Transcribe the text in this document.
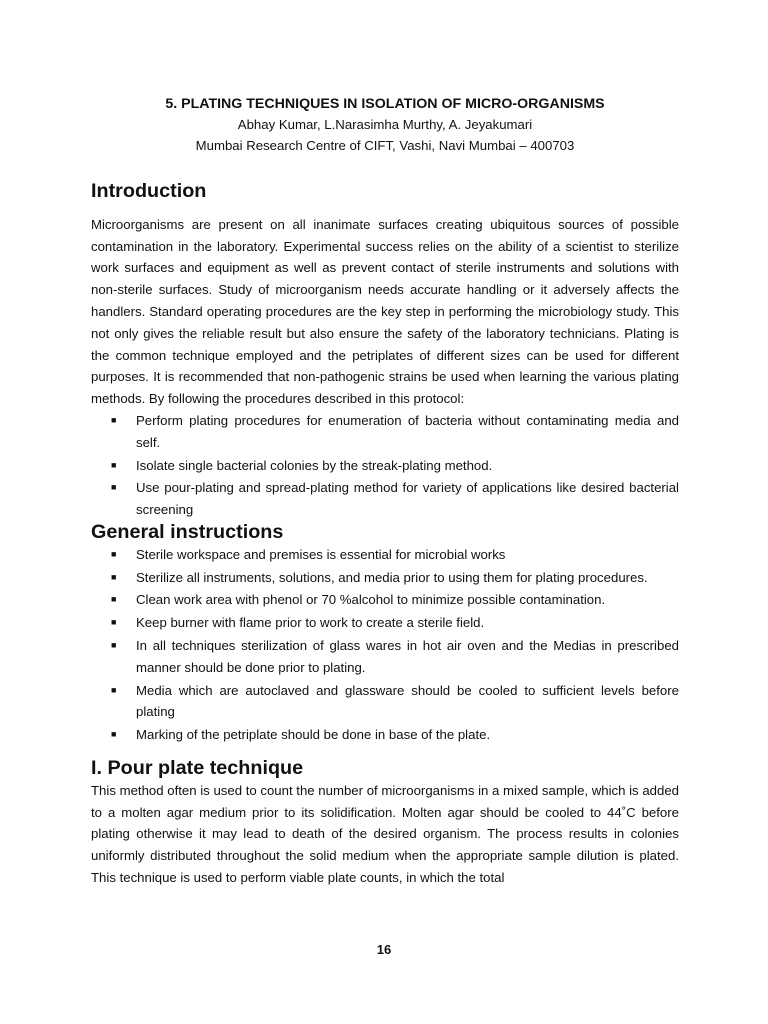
5. PLATING TECHNIQUES IN ISOLATION OF MICRO-ORGANISMS

Abhay Kumar, L.Narasimha Murthy, A. Jeyakumari

Mumbai Research Centre of CIFT, Vashi, Navi Mumbai – 400703

Introduction

Microorganisms are present on all inanimate surfaces creating ubiquitous sources of possible contamination in the laboratory. Experimental success relies on the ability of a scientist to sterilize work surfaces and equipment as well as prevent contact of sterile instruments and solutions with non-sterile surfaces. Study of microorganism needs accurate handling or it adversely affects the handlers. Standard operating procedures are the key step in performing the microbiology study. This not only gives the reliable result but also ensure the safety of the laboratory technicians. Plating is the common technique employed and the petriplates of different sizes can be used for different purposes. It is recommended that non-pathogenic strains be used when learning the various plating methods. By following the procedures described in this protocol:

■ Perform plating procedures for enumeration of bacteria without contaminating media and self.
■ Isolate single bacterial colonies by the streak-plating method.
■ Use pour-plating and spread-plating method for variety of applications like desired bacterial screening
General instructions
■ Sterile workspace and premises is essential for microbial works
■ Sterilize all instruments, solutions, and media prior to using them for plating procedures.
■ Clean work area with phenol or 70 %alcohol to minimize possible contamination.
■ Keep burner with flame prior to work to create a sterile field.
■ In all techniques sterilization of glass wares in hot air oven and the Medias in prescribed manner should be done prior to plating.
■ Media which are autoclaved and glassware should be cooled to sufficient levels before plating
■ Marking of the petriplate should be done in base of the plate.
I. Pour plate technique

This method often is used to count the number of microorganisms in a mixed sample, which is added to a molten agar medium prior to its solidification. Molten agar should be cooled to 44˚C before plating otherwise it may lead to death of the desired organism. The process results in colonies uniformly distributed throughout the solid medium when the appropriate sample dilution is plated. This technique is used to perform viable plate counts, in which the total

16
